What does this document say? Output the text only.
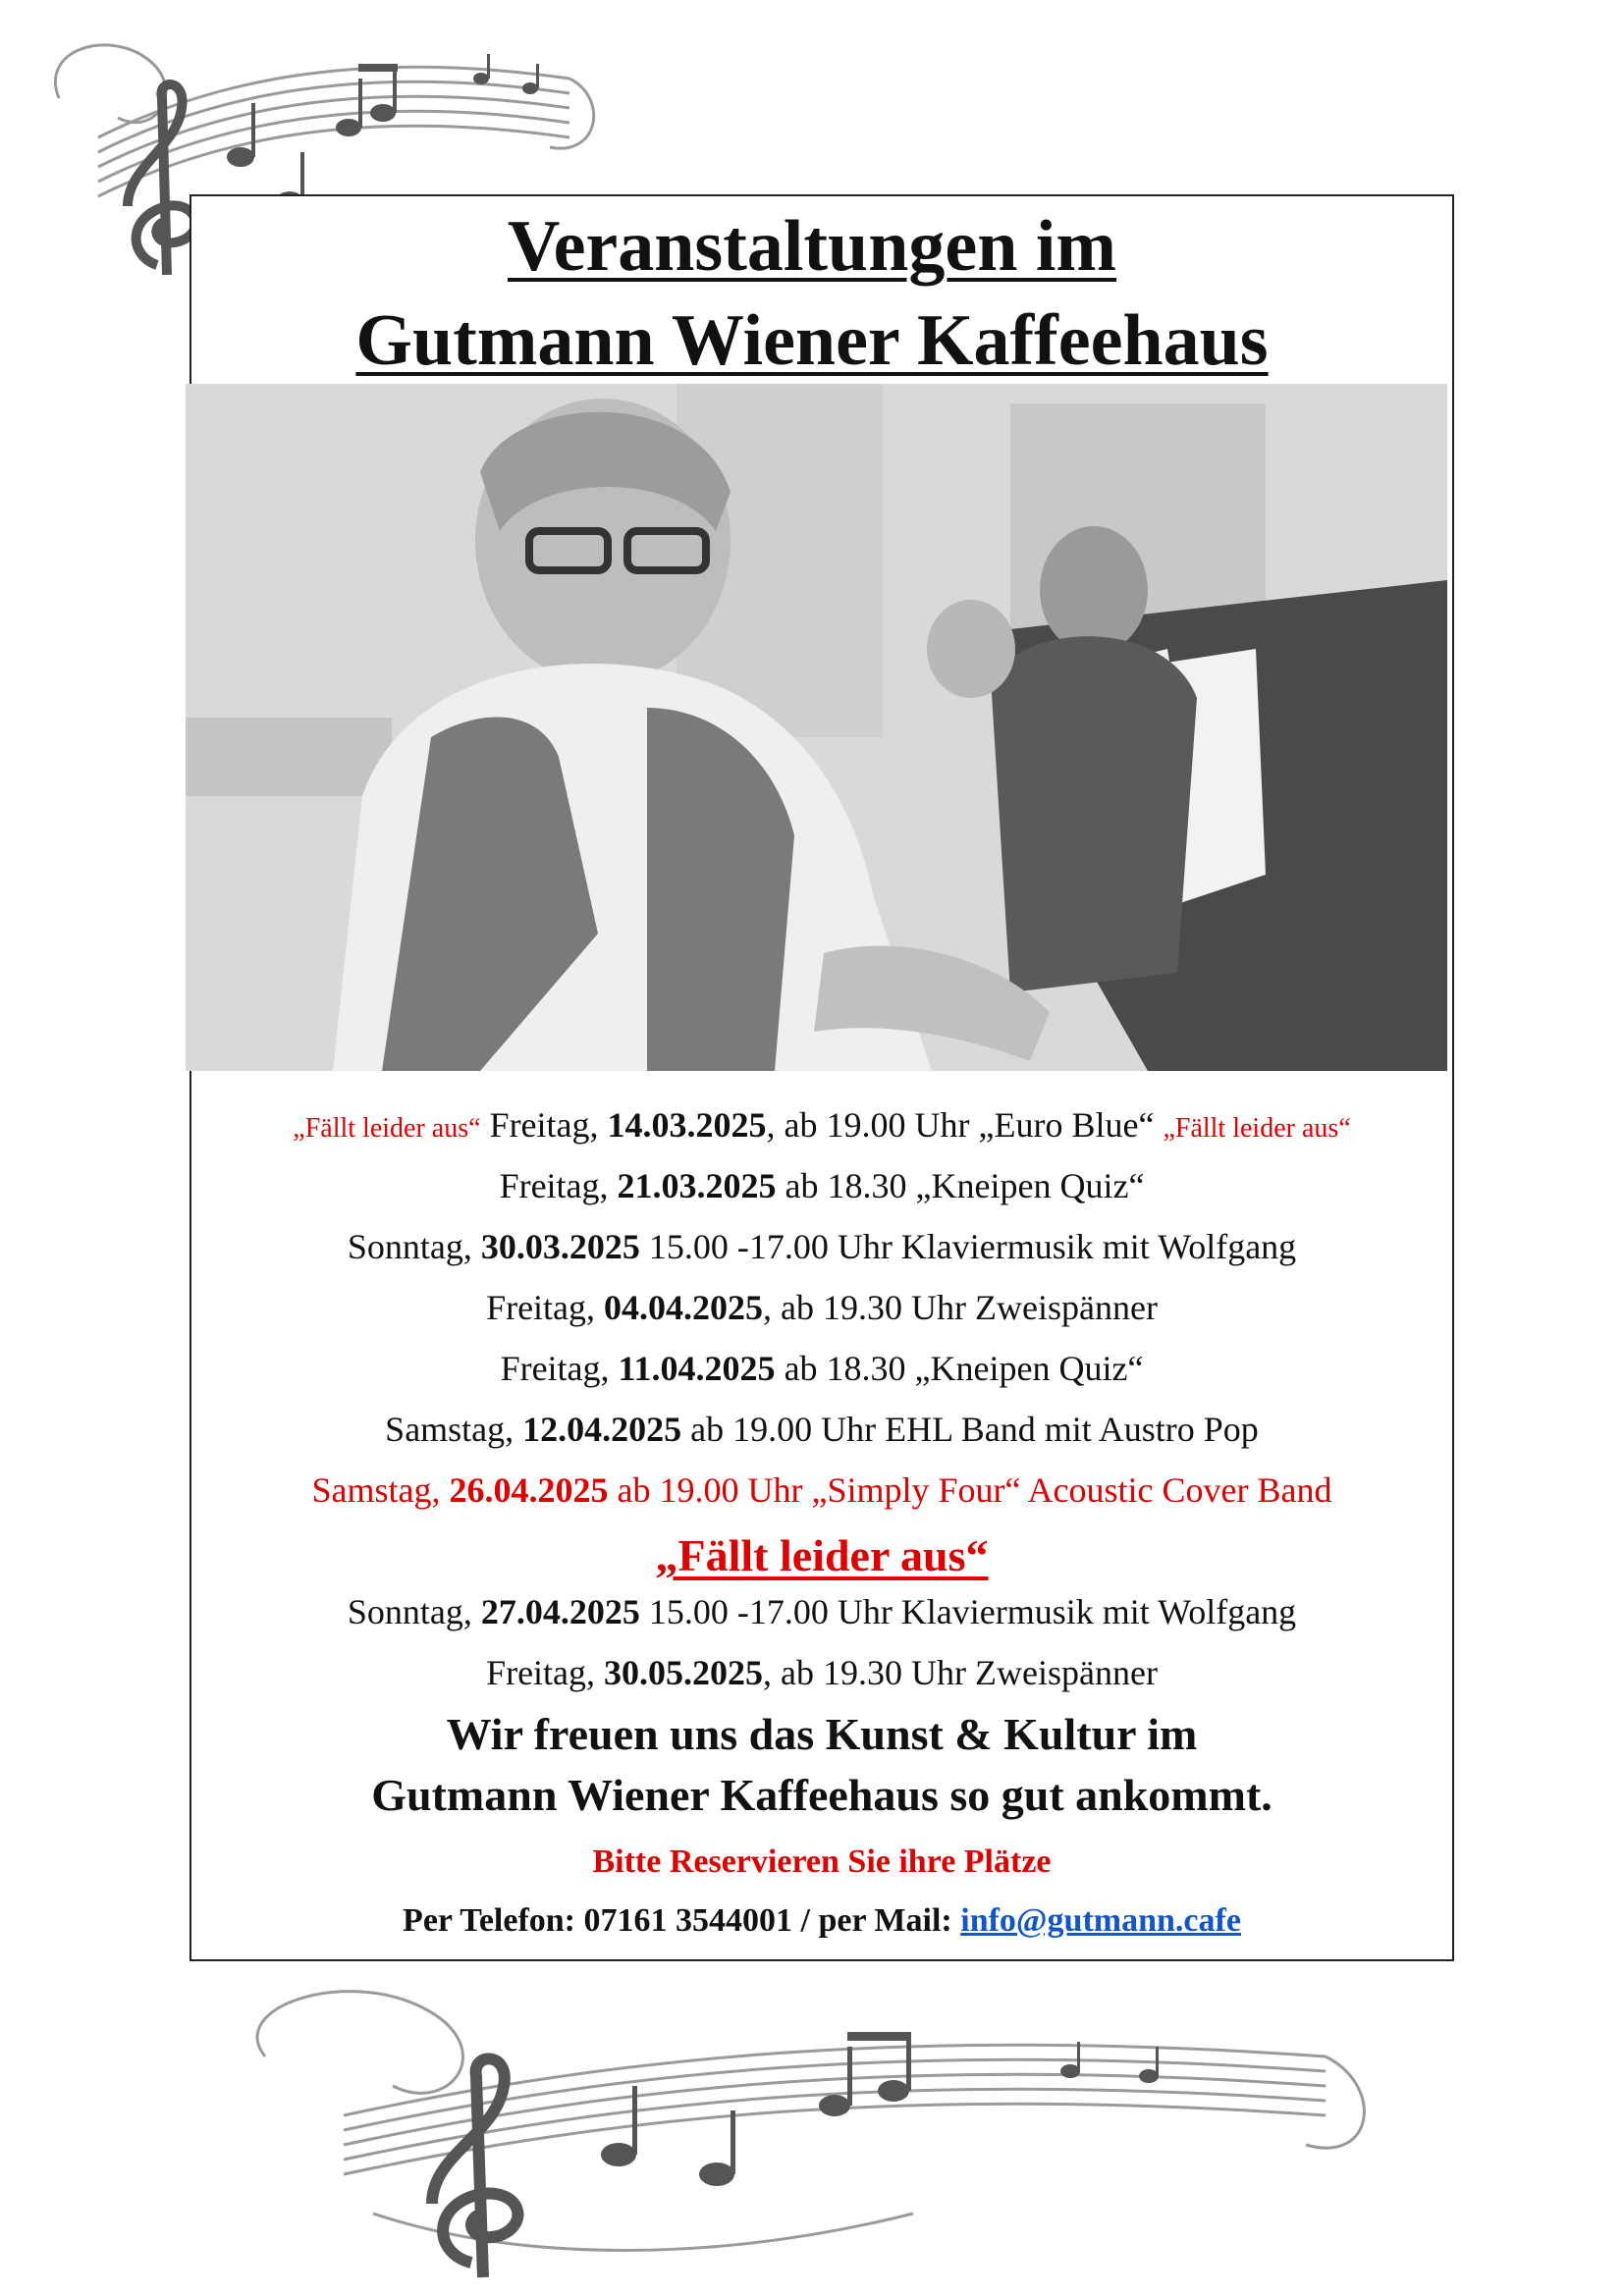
Veranstaltungen im
Gutmann Wiener Kaffeehaus
„Fällt leider aus“ Freitag, 14.03.2025, ab 19.00 Uhr „Euro Blue“ „Fällt leider aus“
Freitag, 21.03.2025 ab 18.30 „Kneipen Quiz“
Sonntag, 30.03.2025 15.00 -17.00 Uhr Klaviermusik mit Wolfgang
Freitag, 04.04.2025, ab 19.30 Uhr Zweispänner
Freitag, 11.04.2025 ab 18.30 „Kneipen Quiz“
Samstag, 12.04.2025 ab 19.00 Uhr EHL Band mit Austro Pop
Samstag, 26.04.2025 ab 19.00 Uhr „Simply Four“ Acoustic Cover Band
„Fällt leider aus“
Sonntag, 27.04.2025 15.00 -17.00 Uhr Klaviermusik mit Wolfgang
Freitag, 30.05.2025, ab 19.30 Uhr Zweispänner
Wir freuen uns das Kunst & Kultur im
Gutmann Wiener Kaffeehaus so gut ankommt.
Bitte Reservieren Sie ihre Plätze
Per Telefon: 07161 3544001 / per Mail: info@gutmann.cafe
